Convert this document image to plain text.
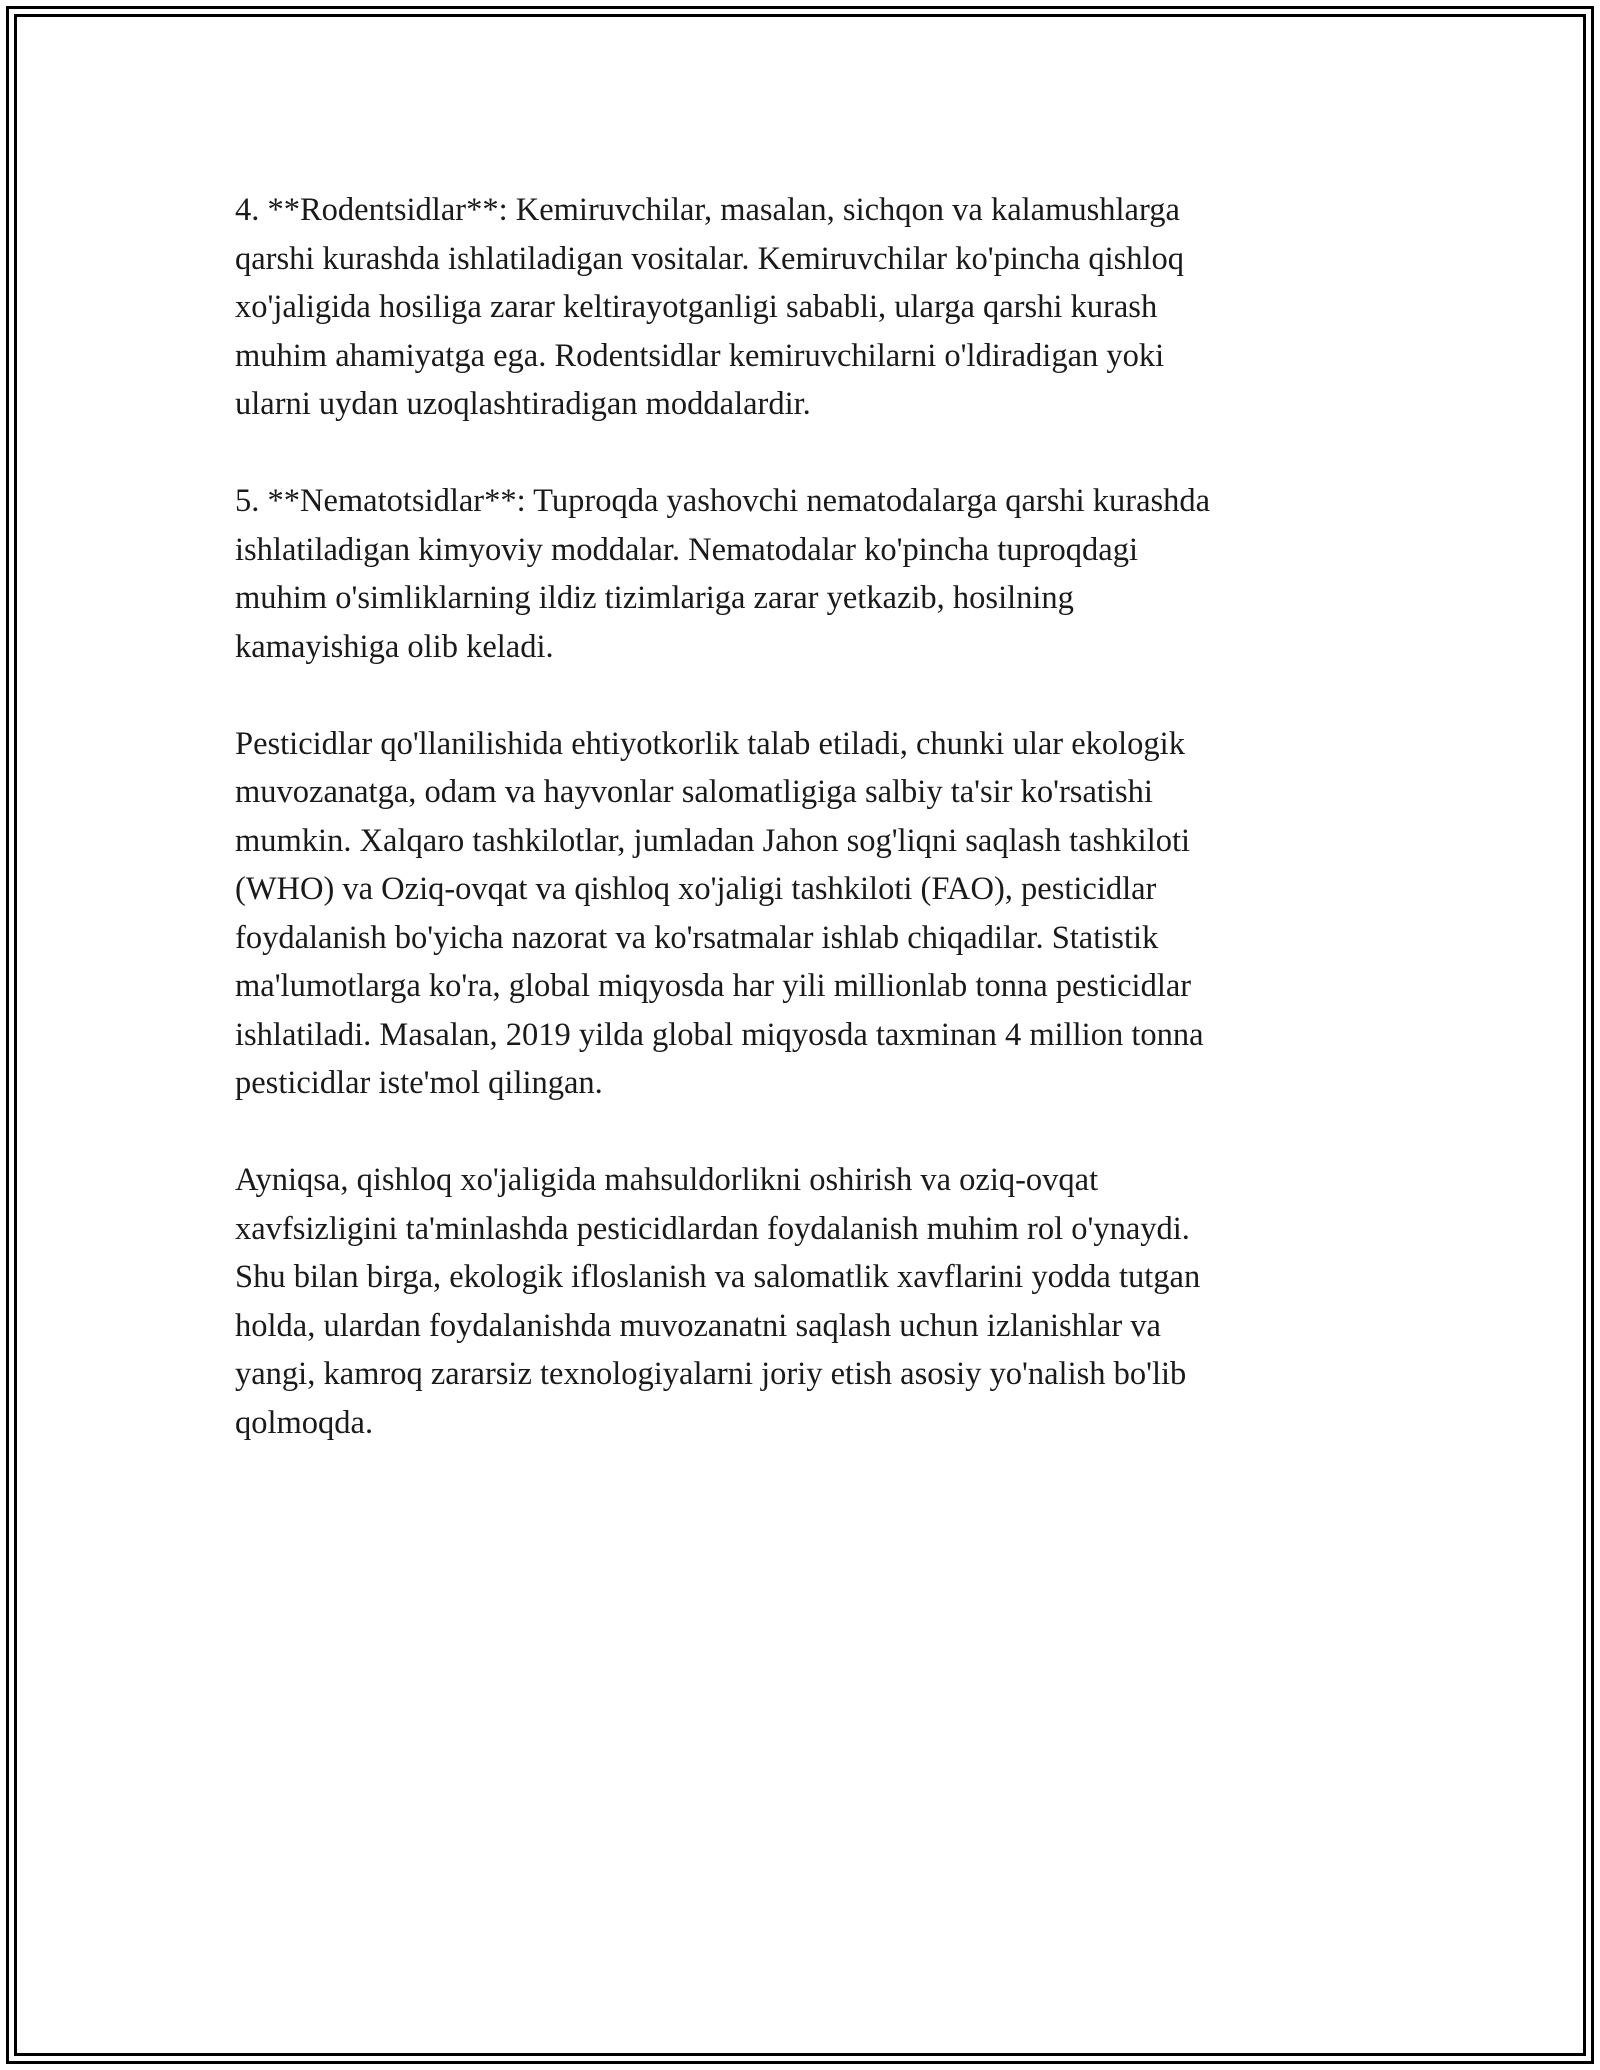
4. **Rodentsidlar**: Kemiruvchilar, masalan, sichqon va kalamushlarga
qarshi kurashda ishlatiladigan vositalar. Kemiruvchilar ko'pincha qishloq
xo'jaligida hosiliga zarar keltirayotganligi sababli, ularga qarshi kurash
muhim ahamiyatga ega. Rodentsidlar kemiruvchilarni o'ldiradigan yoki
ularni uydan uzoqlashtiradigan moddalardir.

5. **Nematotsidlar**: Tuproqda yashovchi nematodalarga qarshi kurashda
ishlatiladigan kimyoviy moddalar. Nematodalar ko'pincha tuproqdagi
muhim o'simliklarning ildiz tizimlariga zarar yetkazib, hosilning
kamayishiga olib keladi.

Pesticidlar qo'llanilishida ehtiyotkorlik talab etiladi, chunki ular ekologik
muvozanatga, odam va hayvonlar salomatligiga salbiy ta'sir ko'rsatishi
mumkin. Xalqaro tashkilotlar, jumladan Jahon sog'liqni saqlash tashkiloti
(WHO) va Oziq-ovqat va qishloq xo'jaligi tashkiloti (FAO), pesticidlar
foydalanish bo'yicha nazorat va ko'rsatmalar ishlab chiqadilar. Statistik
ma'lumotlarga ko'ra, global miqyosda har yili millionlab tonna pesticidlar
ishlatiladi. Masalan, 2019 yilda global miqyosda taxminan 4 million tonna
pesticidlar iste'mol qilingan.

Ayniqsa, qishloq xo'jaligida mahsuldorlikni oshirish va oziq-ovqat
xavfsizligini ta'minlashda pesticidlardan foydalanish muhim rol o'ynaydi.
Shu bilan birga, ekologik ifloslanish va salomatlik xavflarini yodda tutgan
holda, ulardan foydalanishda muvozanatni saqlash uchun izlanishlar va
yangi, kamroq zararsiz texnologiyalarni joriy etish asosiy yo'nalish bo'lib
qolmoqda.
